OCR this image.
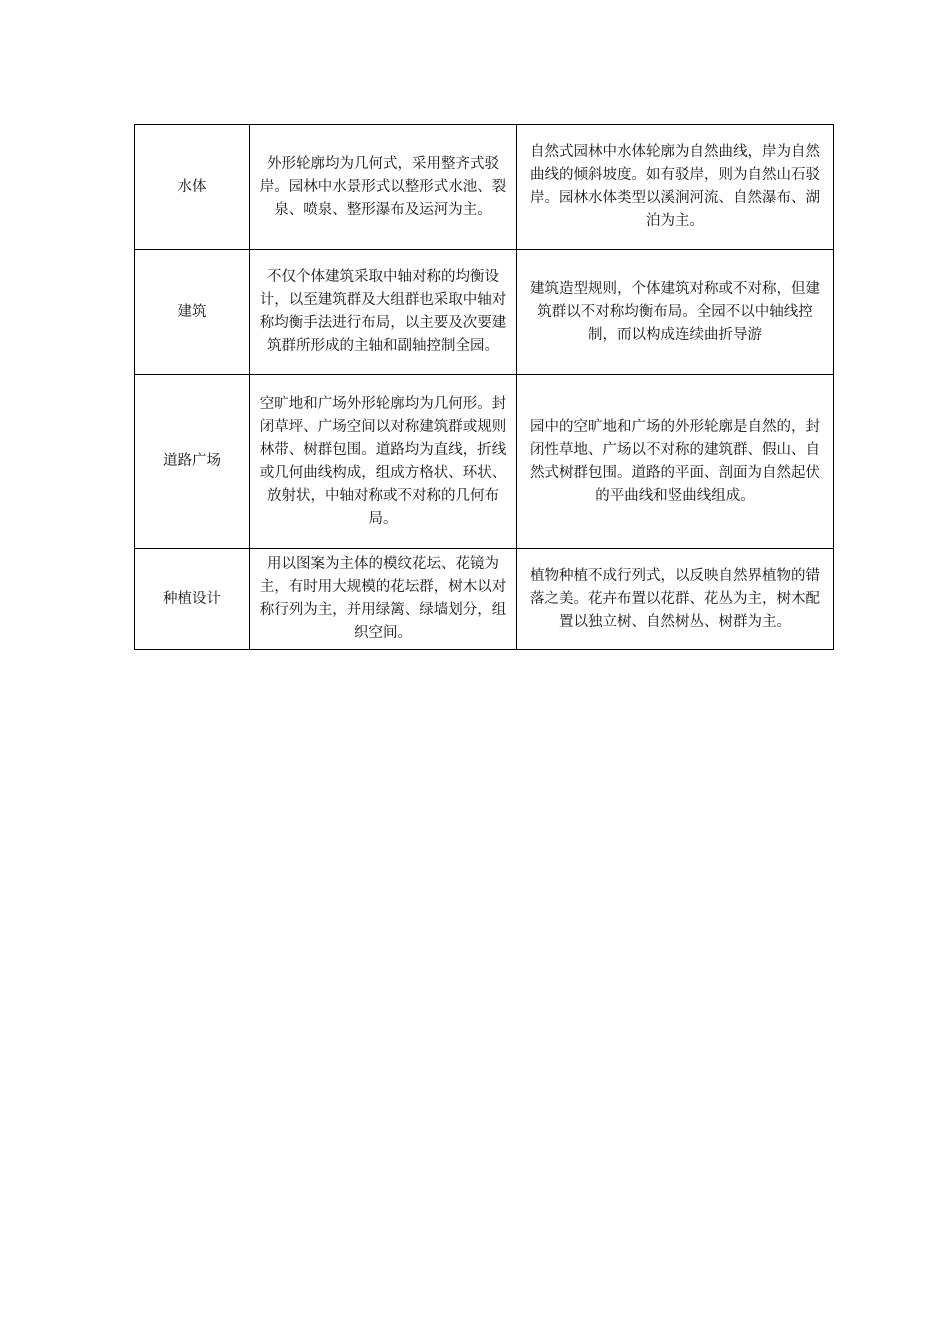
水体	外形轮廓均为几何式，采用整齐式驳岸。园林中水景形式以整形式水池、裂泉、喷泉、整形瀑布及运河为主。	自然式园林中水体轮廓为自然曲线，岸为自然曲线的倾斜坡度。如有驳岸，则为自然山石驳岸。园林水体类型以溪涧河流、自然瀑布、湖泊为主。
建筑	不仅个体建筑采取中轴对称的均衡设计，以至建筑群及大组群也采取中轴对称均衡手法进行布局，以主要及次要建筑群所形成的主轴和副轴控制全园。	建筑造型规则，个体建筑对称或不对称，但建筑群以不对称均衡布局。全园不以中轴线控制，而以构成连续曲折导游
道路广场	空旷地和广场外形轮廓均为几何形。封闭草坪、广场空间以对称建筑群或规则林带、树群包围。道路均为直线，折线或几何曲线构成，组成方格状、环状、放射状，中轴对称或不对称的几何布局。	园中的空旷地和广场的外形轮廓是自然的，封闭性草地、广场以不对称的建筑群、假山、自然式树群包围。道路的平面、剖面为自然起伏的平曲线和竖曲线组成。
种植设计	用以图案为主体的模纹花坛、花镜为主，有时用大规模的花坛群，树木以对称行列为主，并用绿篱、绿墙划分，组织空间。	植物种植不成行列式，以反映自然界植物的错落之美。花卉布置以花群、花丛为主，树木配置以独立树、自然树丛、树群为主。
